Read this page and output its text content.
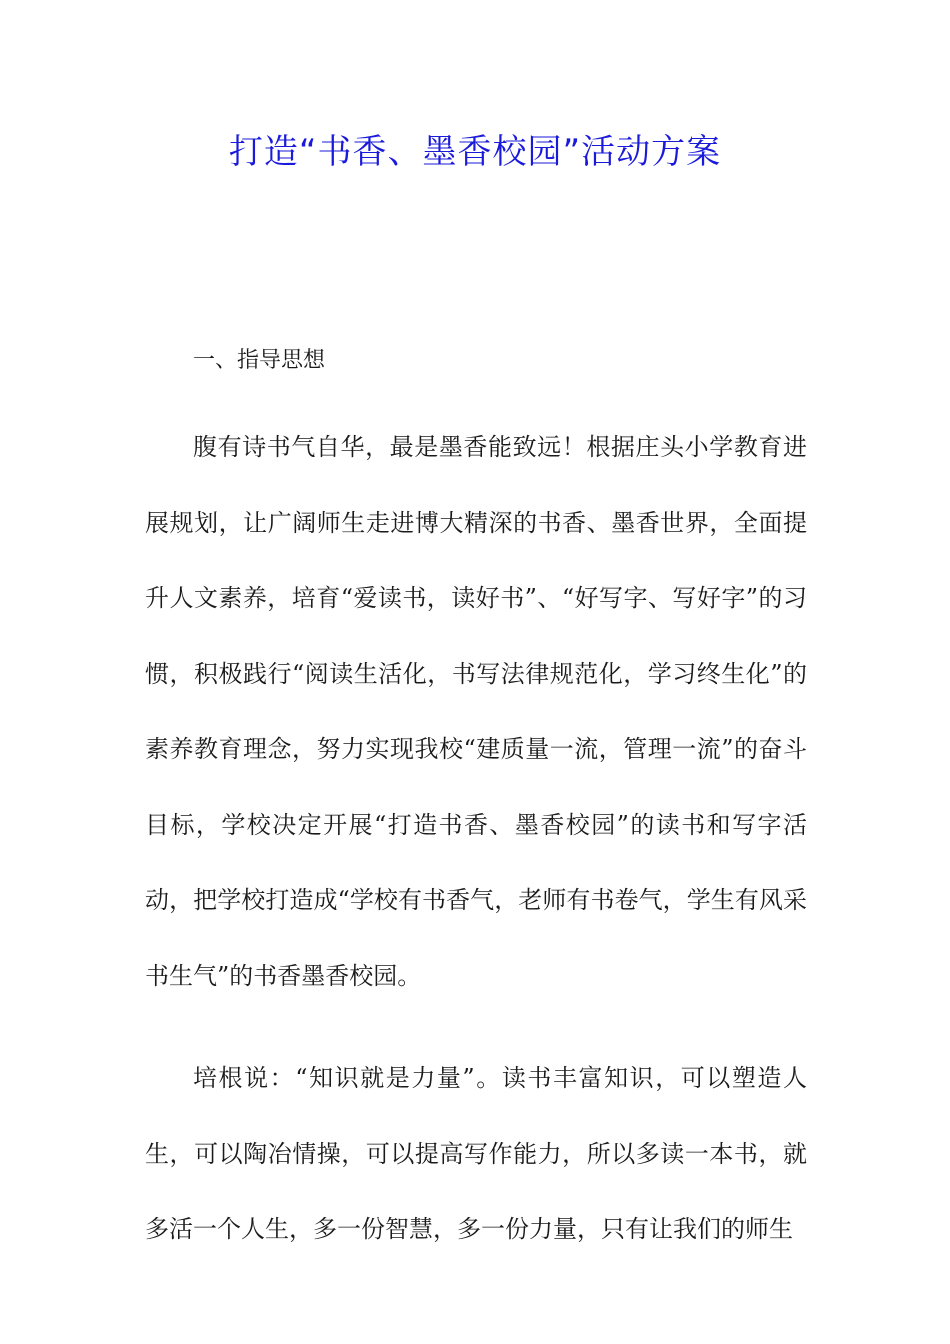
打造“书香、墨香校园”活动方案

一、指导思想

腹有诗书气自华，最是墨香能致远！根据庄头小学教育进展规划，让广阔师生走进博大精深的书香、墨香世界，全面提升人文素养，培育“爱读书，读好书”、“好写字、写好字”的习惯，积极践行“阅读生活化，书写法律规范化，学习终生化”的素养教育理念，努力实现我校“建质量一流，管理一流”的奋斗目标，学校决定开展“打造书香、墨香校园”的读书和写字活动，把学校打造成“学校有书香气，老师有书卷气，学生有风采书生气”的书香墨香校园。

培根说：“知识就是力量”。读书丰富知识，可以塑造人生，可以陶冶情操，可以提高写作能力，所以多读一本书，就多活一个人生，多一份智慧，多一份力量，只有让我们的师生
